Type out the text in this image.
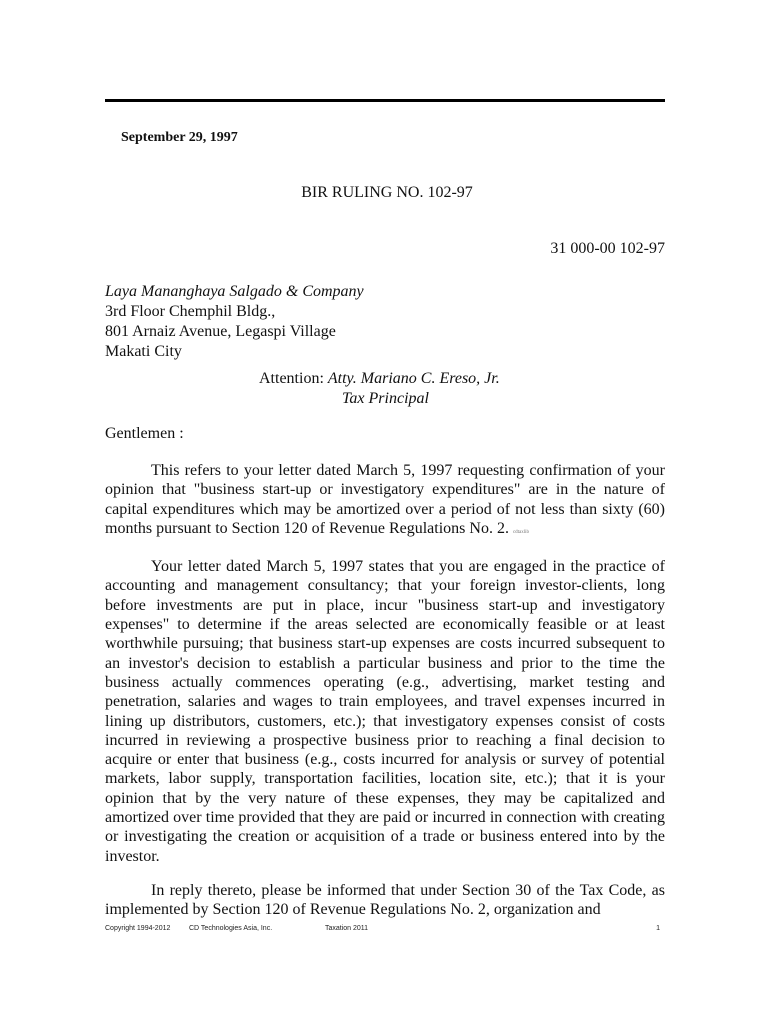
September 29, 1997
BIR RULING NO. 102-97
31 000-00 102-97
Laya Mananghaya Salgado & Company
3rd Floor Chemphil Bldg.,
801 Arnaiz Avenue, Legaspi Village
Makati City
Attention: Atty. Mariano C. Ereso, Jr.
Tax Principal
Gentlemen :

This refers to your letter dated March 5, 1997 requesting confirmation of your opinion that "business start-up or investigatory expenditures" are in the nature of capital expenditures which may be amortized over a period of not less than sixty (60) months pursuant to Section 120 of Revenue Regulations No. 2. cdtaxlib

Your letter dated March 5, 1997 states that you are engaged in the practice of accounting and management consultancy; that your foreign investor-clients, long before investments are put in place, incur "business start-up and investigatory expenses" to determine if the areas selected are economically feasible or at least worthwhile pursuing; that business start-up expenses are costs incurred subsequent to an investor's decision to establish a particular business and prior to the time the business actually commences operating (e.g., advertising, market testing and penetration, salaries and wages to train employees, and travel expenses incurred in lining up distributors, customers, etc.); that investigatory expenses consist of costs incurred in reviewing a prospective business prior to reaching a final decision to acquire or enter that business (e.g., costs incurred for analysis or survey of potential markets, labor supply, transportation facilities, location site, etc.); that it is your opinion that by the very nature of these expenses, they may be capitalized and amortized over time provided that they are paid or incurred in connection with creating or investigating the creation or acquisition of a trade or business entered into by the investor.

In reply thereto, please be informed that under Section 30 of the Tax Code, as implemented by Section 120 of Revenue Regulations No. 2, organization and

Copyright 1994-2012	CD Technologies Asia, Inc.	Taxation 2011	1
